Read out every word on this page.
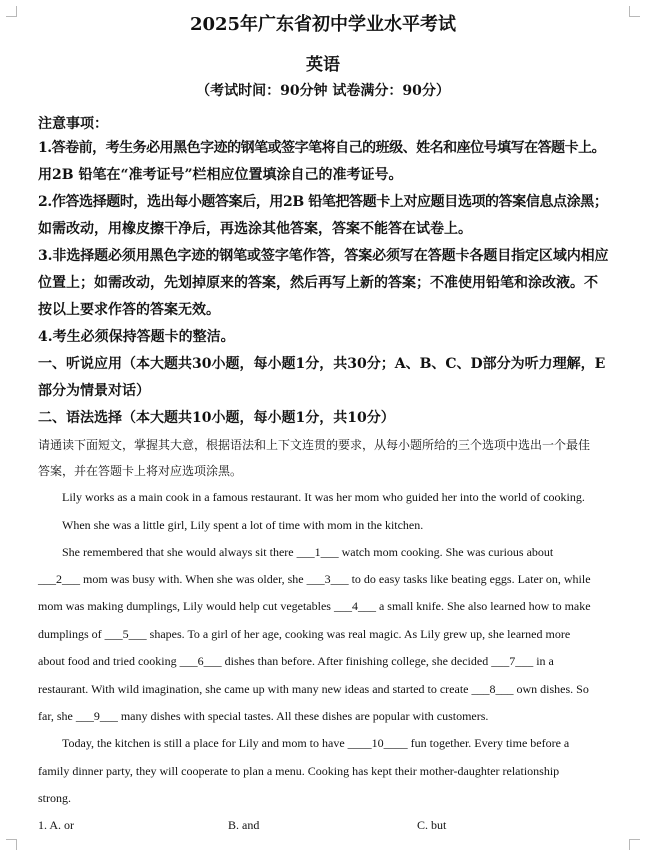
2025年广东省初中学业水平考试
英语
（考试时间：90分钟 试卷满分：90分）
注意事项：
1.答卷前，考生务必用黑色字迹的钢笔或签字笔将自己的班级、姓名和座位号填写在答题卡上。
用2B 铅笔在“准考证号”栏相应位置填涂自己的准考证号。
2.作答选择题时，选出每小题答案后，用2B 铅笔把答题卡上对应题目选项的答案信息点涂黑；
如需改动，用橡皮擦干净后，再选涂其他答案，答案不能答在试卷上。
3.非选择题必须用黑色字迹的钢笔或签字笔作答，答案必须写在答题卡各题目指定区域内相应
位置上；如需改动，先划掉原来的答案，然后再写上新的答案；不准使用铅笔和涂改液。不
按以上要求作答的答案无效。
4.考生必须保持答题卡的整洁。
一、听说应用（本大题共30小题，每小题1分，共30分；A、B、C、D部分为听力理解，E
部分为情景对话）
二、语法选择（本大题共10小题，每小题1分，共10分）
请通读下面短文，掌握其大意，根据语法和上下文连贯的要求，从每小题所给的三个选项中选出一个最佳
答案，并在答题卡上将对应选项涂黑。
Lily works as a main cook in a famous restaurant. It was her mom who guided her into the world of cooking.
When she was a little girl, Lily spent a lot of time with mom in the kitchen.
She remembered that she would always sit there ___1___ watch mom cooking. She was curious about
___2___ mom was busy with. When she was older, she ___3___ to do easy tasks like beating eggs. Later on, while
mom was making dumplings, Lily would help cut vegetables ___4___ a small knife. She also learned how to make
dumplings of ___5___ shapes. To a girl of her age, cooking was real magic. As Lily grew up, she learned more
about food and tried cooking ___6___ dishes than before. After finishing college, she decided ___7___ in a
restaurant. With wild imagination, she came up with many new ideas and started to create ___8___ own dishes. So
far, she ___9___ many dishes with special tastes. All these dishes are popular with customers.
Today, the kitchen is still a place for Lily and mom to have ____10____ fun together. Every time before a
family dinner party, they will cooperate to plan a menu. Cooking has kept their mother-daughter relationship
strong.
1. A. or	B. and	C. but
